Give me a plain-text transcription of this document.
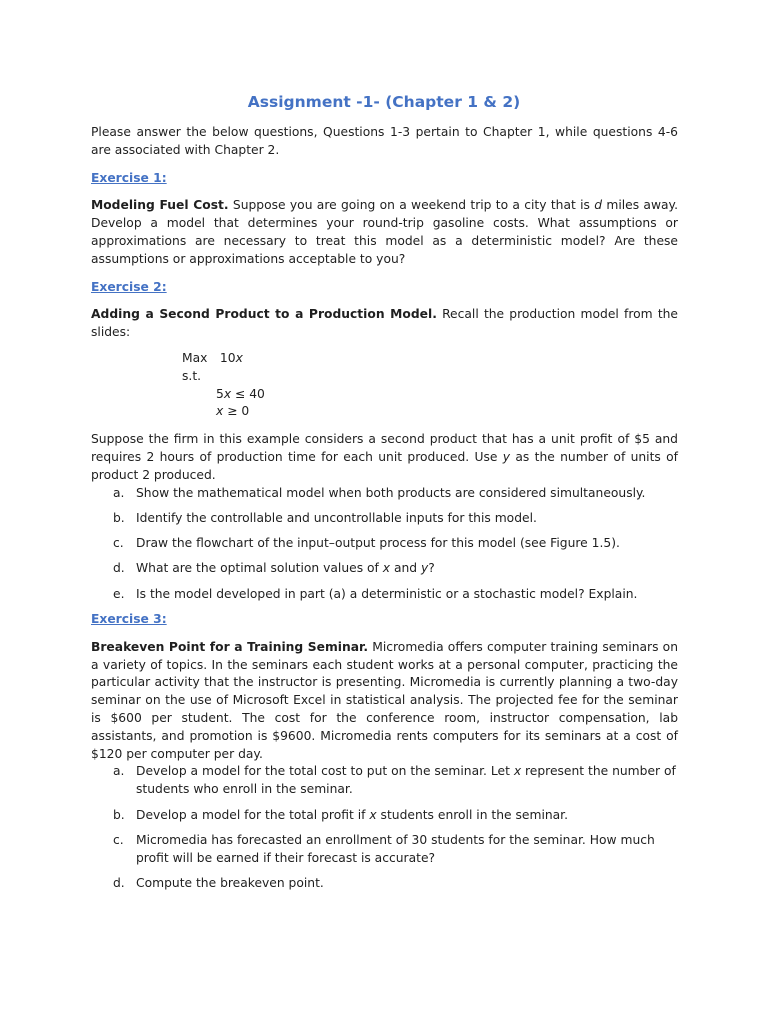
Assignment -1- (Chapter 1 & 2)

Please answer the below questions, Questions 1-3 pertain to Chapter 1, while questions 4-6 are associated with Chapter 2.

Exercise 1:

Modeling Fuel Cost. Suppose you are going on a weekend trip to a city that is d miles away. Develop a model that determines your round-trip gasoline costs. What assumptions or approximations are necessary to treat this model as a deterministic model? Are these assumptions or approximations acceptable to you?

Exercise 2:

Adding a Second Product to a Production Model. Recall the production model from the slides:

Max 10x
s.t.
5x ≤ 40
x ≥ 0

Suppose the firm in this example considers a second product that has a unit profit of $5 and requires 2 hours of production time for each unit produced. Use y as the number of units of product 2 produced.

a. Show the mathematical model when both products are considered simultaneously.
b. Identify the controllable and uncontrollable inputs for this model.
c. Draw the flowchart of the input–output process for this model (see Figure 1.5).
d. What are the optimal solution values of x and y?
e. Is the model developed in part (a) a deterministic or a stochastic model? Explain.
Exercise 3:

Breakeven Point for a Training Seminar. Micromedia offers computer training seminars on a variety of topics. In the seminars each student works at a personal computer, practicing the particular activity that the instructor is presenting. Micromedia is currently planning a two-day seminar on the use of Microsoft Excel in statistical analysis. The projected fee for the seminar is $600 per student. The cost for the conference room, instructor compensation, lab assistants, and promotion is $9600. Micromedia rents computers for its seminars at a cost of $120 per computer per day.

a. Develop a model for the total cost to put on the seminar. Let x represent the number of students who enroll in the seminar.
b. Develop a model for the total profit if x students enroll in the seminar.
c. Micromedia has forecasted an enrollment of 30 students for the seminar. How much profit will be earned if their forecast is accurate?
d. Compute the breakeven point.
